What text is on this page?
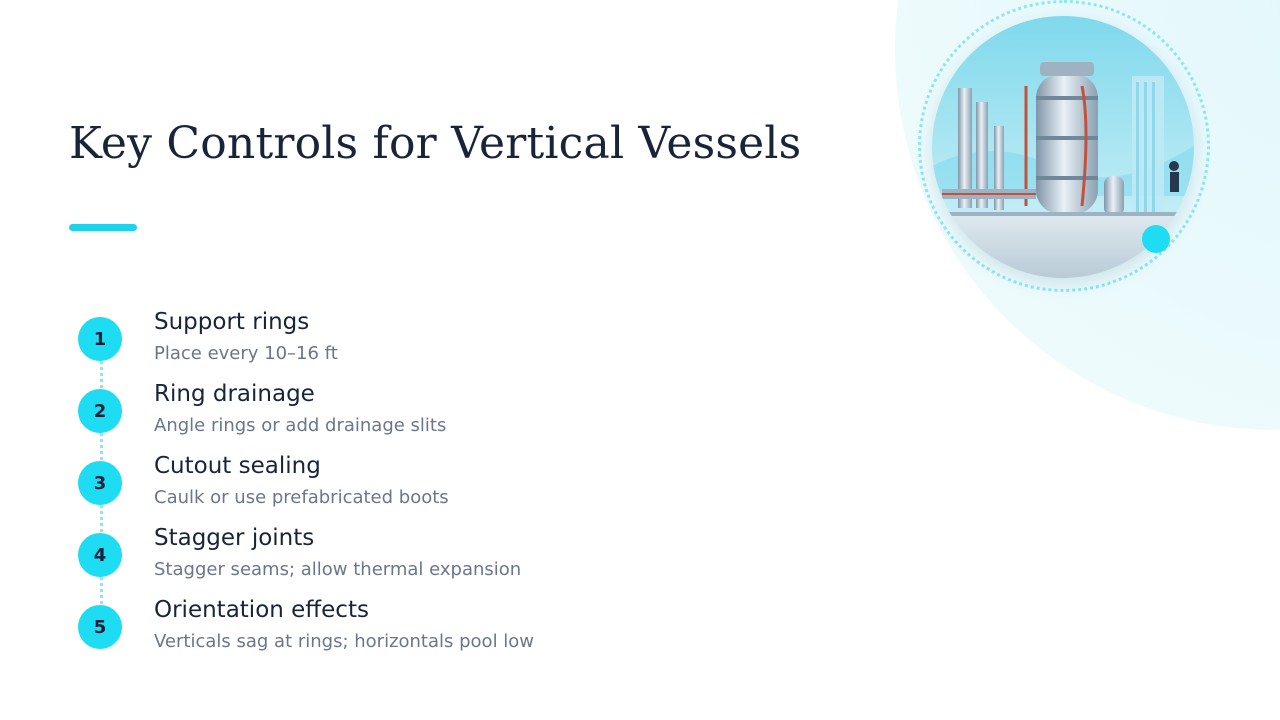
Key Controls for Vertical Vessels
1
Support rings
Place every 10–16 ft
2
Ring drainage
Angle rings or add drainage slits
3
Cutout sealing
Caulk or use prefabricated boots
4
Stagger joints
Stagger seams; allow thermal expansion
5
Orientation effects
Verticals sag at rings; horizontals pool low
